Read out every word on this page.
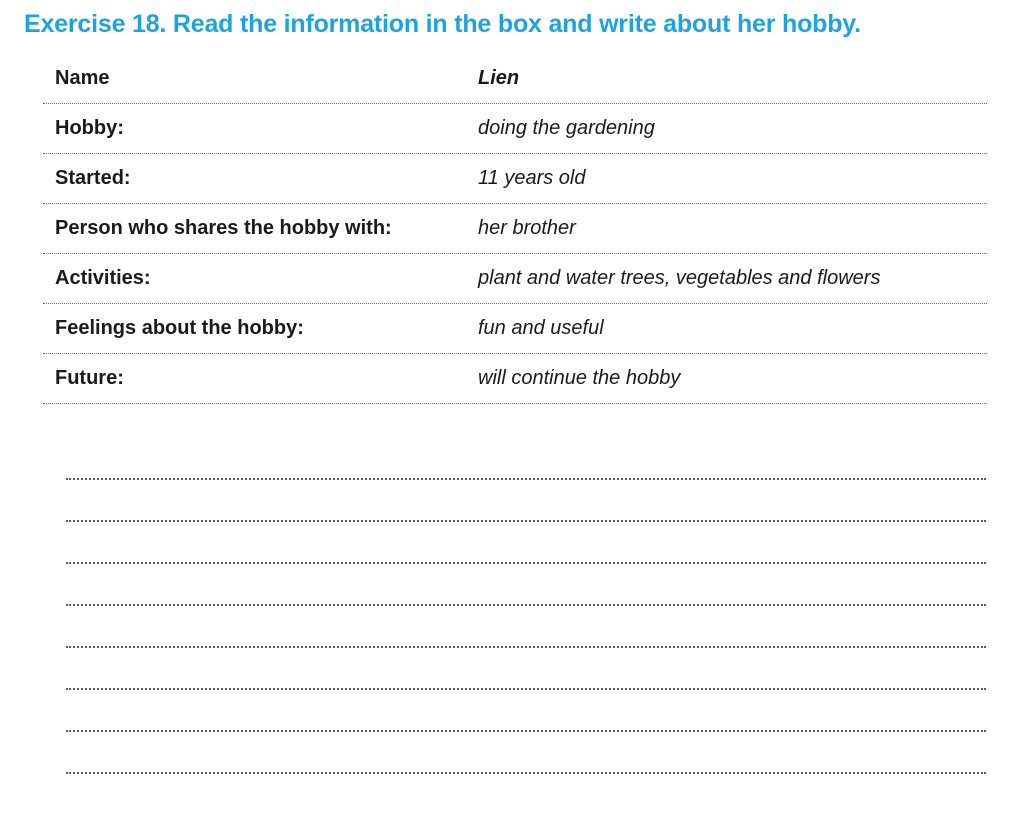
Exercise 18. Read the information in the box and write about her hobby.
Name	Lien
Hobby:	doing the gardening
Started:	11 years old
Person who shares the hobby with:	her brother
Activities:	plant and water trees, vegetables and flowers
Feelings about the hobby:	fun and useful
Future:	will continue the hobby
